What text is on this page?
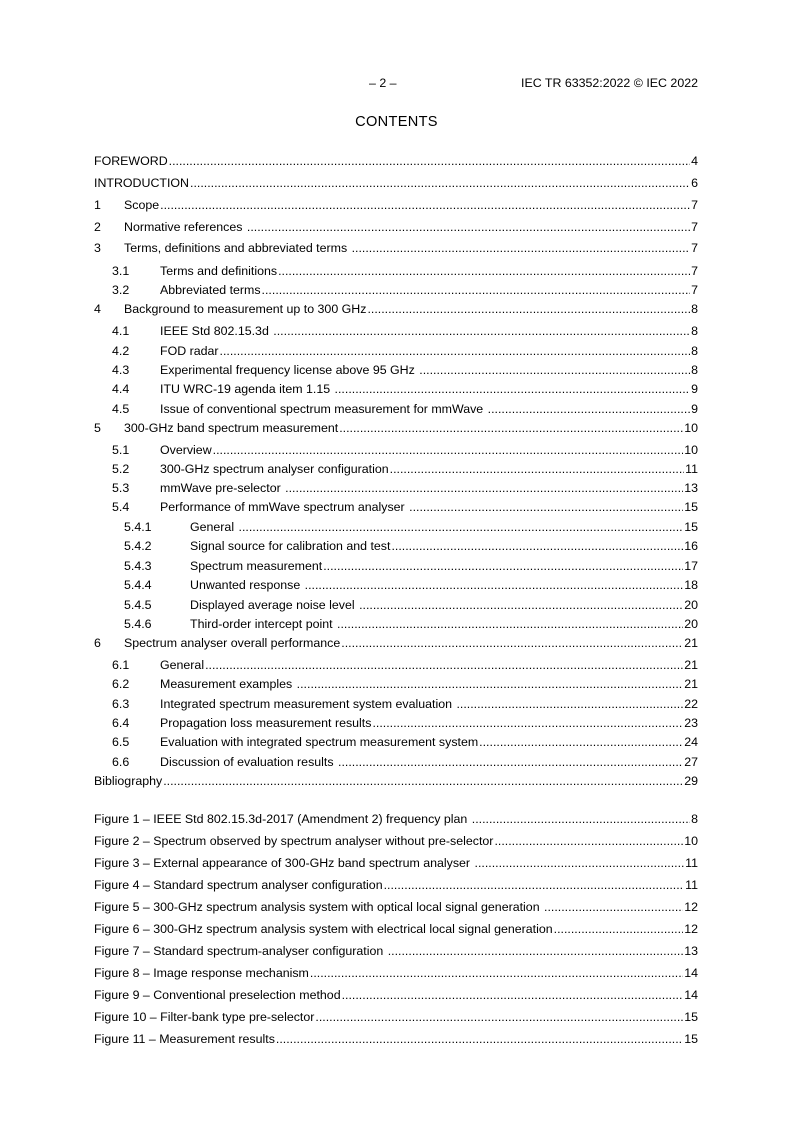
– 2 –	IEC TR 63352:2022 © IEC 2022
CONTENTS
FOREWORD .....	4
INTRODUCTION .....	6
1	Scope .....	7
2	Normative references .....	7
3	Terms, definitions and abbreviated terms .....	7
3.1	Terms and definitions .....	7
3.2	Abbreviated terms .....	7
4	Background to measurement up to 300 GHz .....	8
4.1	IEEE Std 802.15.3d .....	8
4.2	FOD radar .....	8
4.3	Experimental frequency license above 95 GHz .....	8
4.4	ITU WRC-19 agenda item 1.15 .....	9
4.5	Issue of conventional spectrum measurement for mmWave .....	9
5	300-GHz band spectrum measurement .....	10
5.1	Overview .....	10
5.2	300-GHz spectrum analyser configuration .....	11
5.3	mmWave pre-selector .....	13
5.4	Performance of mmWave spectrum analyser .....	15
5.4.1	General .....	15
5.4.2	Signal source for calibration and test .....	16
5.4.3	Spectrum measurement .....	17
5.4.4	Unwanted response .....	18
5.4.5	Displayed average noise level .....	20
5.4.6	Third-order intercept point .....	20
6	Spectrum analyser overall performance .....	21
6.1	General .....	21
6.2	Measurement examples .....	21
6.3	Integrated spectrum measurement system evaluation .....	22
6.4	Propagation loss measurement results .....	23
6.5	Evaluation with integrated spectrum measurement system .....	24
6.6	Discussion of evaluation results .....	27
Bibliography .....	29
Figure 1 – IEEE Std 802.15.3d-2017 (Amendment 2) frequency plan .....	8
Figure 2 – Spectrum observed by spectrum analyser without pre-selector .....	10
Figure 3 – External appearance of 300-GHz band spectrum analyser .....	11
Figure 4 – Standard spectrum analyser configuration .....	11
Figure 5 – 300-GHz spectrum analysis system with optical local signal generation .....	12
Figure 6 – 300-GHz spectrum analysis system with electrical local signal generation .....	12
Figure 7 – Standard spectrum-analyser configuration .....	13
Figure 8 – Image response mechanism .....	14
Figure 9 – Conventional preselection method .....	14
Figure 10 – Filter-bank type pre-selector .....	15
Figure 11 – Measurement results .....	15
